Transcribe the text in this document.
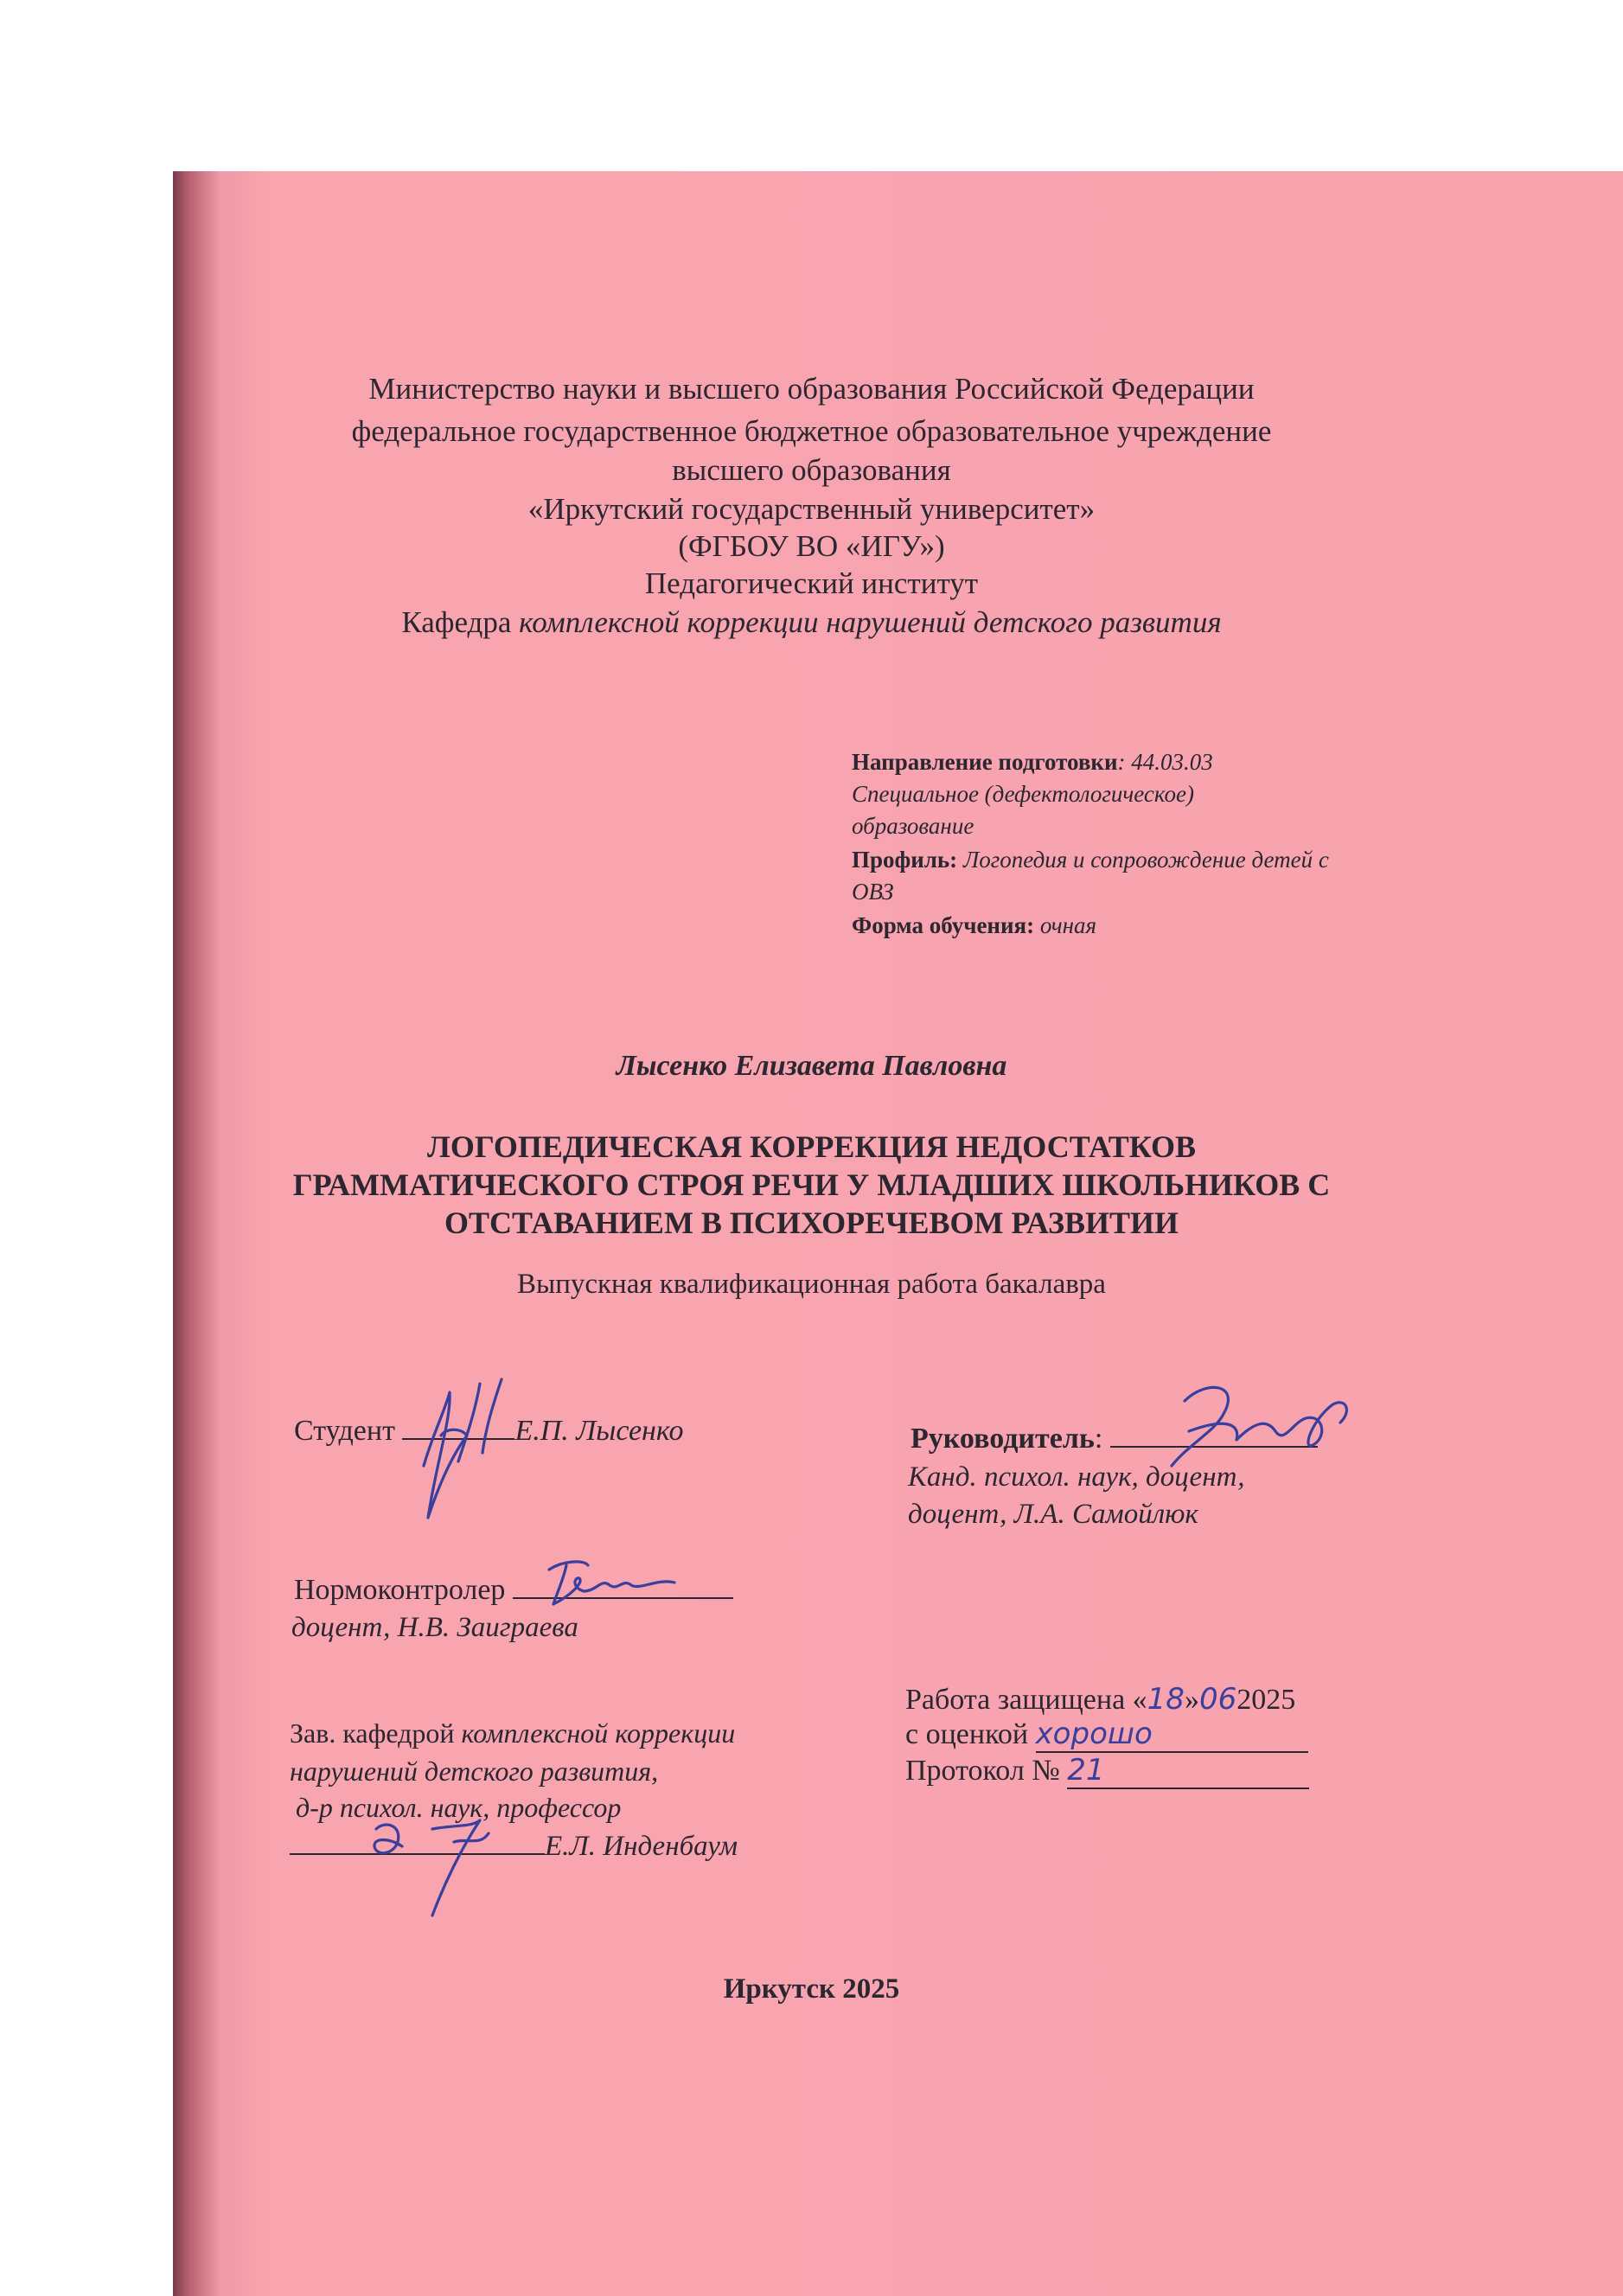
Министерство науки и высшего образования Российской Федерации
федеральное государственное бюджетное образовательное учреждение
высшего образования
«Иркутский государственный университет»
(ФГБОУ ВО «ИГУ»)
Педагогический институт
Кафедра комплексной коррекции нарушений детского развития
Направление подготовки: 44.03.03
Специальное (дефектологическое)
образование
Профиль: Логопедия и сопровождение детей с
ОВЗ
Форма обучения: очная
Лысенко Елизавета Павловна
ЛОГОПЕДИЧЕСКАЯ КОРРЕКЦИЯ НЕДОСТАТКОВ
ГРАММАТИЧЕСКОГО СТРОЯ РЕЧИ У МЛАДШИХ ШКОЛЬНИКОВ С
ОТСТАВАНИЕМ В ПСИХОРЕЧЕВОМ РАЗВИТИИ
Выпускная квалификационная работа бакалавра
Студент	Е.П. Лысенко	Руководитель:
Канд. психол. наук, доцент,
доцент, Л.А. Самойлюк
Нормоконтролер
доцент, Н.В. Заиграева
Работа защищена «18»062025
с оценкой хорошо
Протокол № 21
Зав. кафедрой комплексной коррекции
нарушений детского развития,
д-р психол. наук, профессор
Е.Л. Инденбаум
Иркутск 2025
